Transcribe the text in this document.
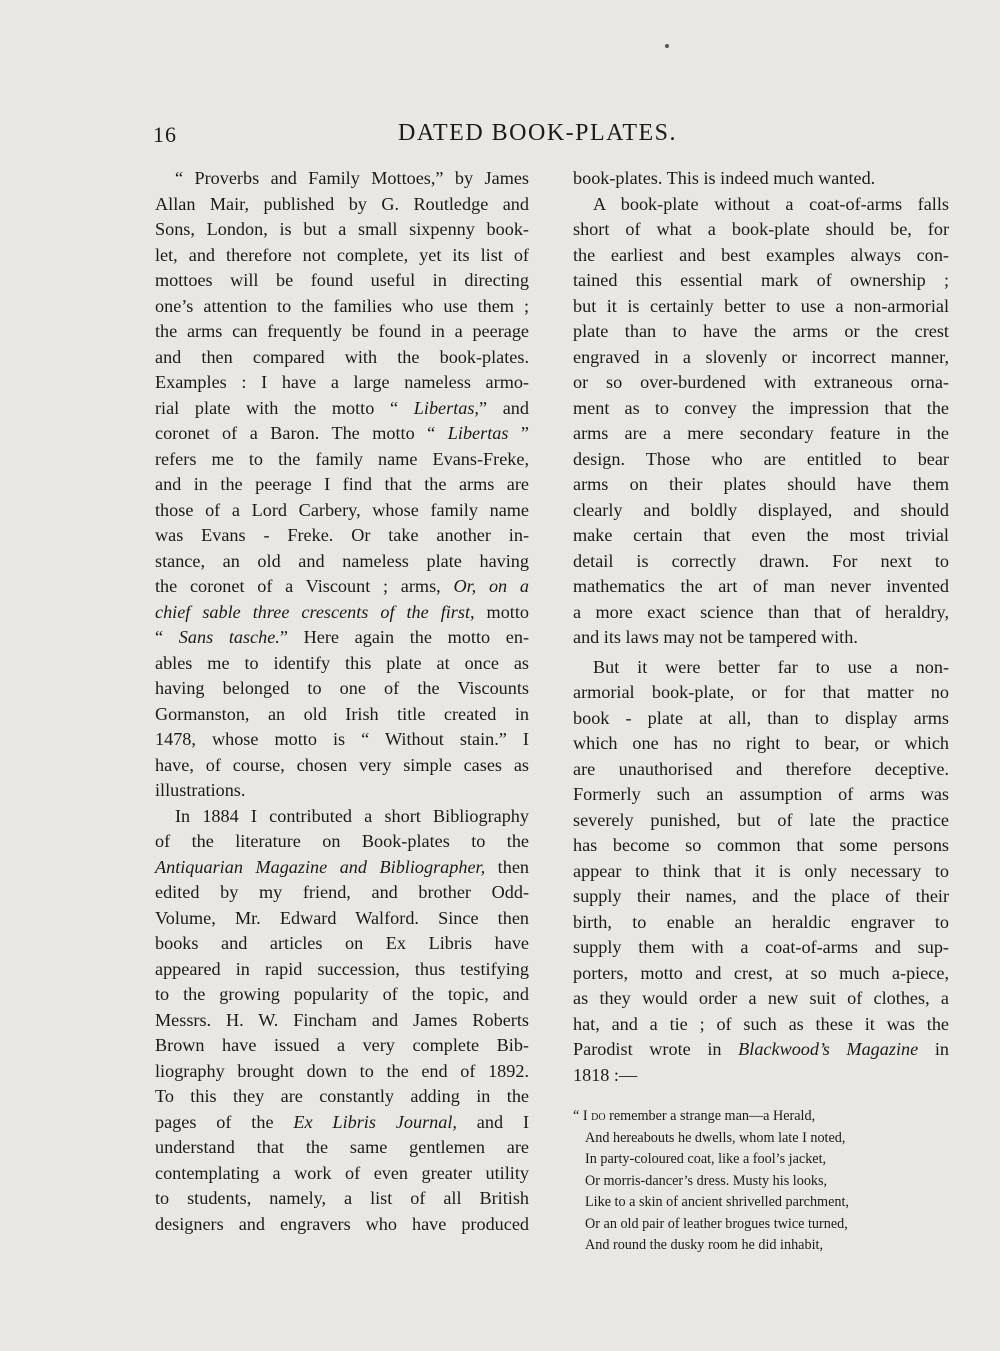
16	DATED BOOK-PLATES.

“ Proverbs and Family Mottoes,” by James
Allan Mair, published by G. Routledge and
Sons, London, is but a small sixpenny book-
let, and therefore not complete, yet its list of
mottoes will be found useful in directing
one’s attention to the families who use them ;
the arms can frequently be found in a peerage
and then compared with the book-plates.
Examples : I have a large nameless armo-
rial plate with the motto “ Libertas,” and
coronet of a Baron. The motto “ Libertas ”
refers me to the family name Evans-Freke,
and in the peerage I find that the arms are
those of a Lord Carbery, whose family name
was Evans - Freke. Or take another in-
stance, an old and nameless plate having
the coronet of a Viscount ; arms, Or, on a
chief sable three crescents of the first, motto
“ Sans tasche.” Here again the motto en-
ables me to identify this plate at once as
having belonged to one of the Viscounts
Gormanston, an old Irish title created in
1478, whose motto is “ Without stain.” I
have, of course, chosen very simple cases as
illustrations.

In 1884 I contributed a short Bibliography
of the literature on Book-plates to the
Antiquarian Magazine and Bibliographer, then
edited by my friend, and brother Odd-
Volume, Mr. Edward Walford. Since then
books and articles on Ex Libris have
appeared in rapid succession, thus testifying
to the growing popularity of the topic, and
Messrs. H. W. Fincham and James Roberts
Brown have issued a very complete Bib-
liography brought down to the end of 1892.
To this they are constantly adding in the
pages of the Ex Libris Journal, and I
understand that the same gentlemen are
contemplating a work of even greater utility
to students, namely, a list of all British
designers and engravers who have produced

book-plates. This is indeed much wanted.

A book-plate without a coat-of-arms falls
short of what a book-plate should be, for
the earliest and best examples always con-
tained this essential mark of ownership ;
but it is certainly better to use a non-armorial
plate than to have the arms or the crest
engraved in a slovenly or incorrect manner,
or so over-burdened with extraneous orna-
ment as to convey the impression that the
arms are a mere secondary feature in the
design. Those who are entitled to bear
arms on their plates should have them
clearly and boldly displayed, and should
make certain that even the most trivial
detail is correctly drawn. For next to
mathematics the art of man never invented
a more exact science than that of heraldry,
and its laws may not be tampered with.

But it were better far to use a non-
armorial book-plate, or for that matter no
book - plate at all, than to display arms
which one has no right to bear, or which
are unauthorised and therefore deceptive.
Formerly such an assumption of arms was
severely punished, but of late the practice
has become so common that some persons
appear to think that it is only necessary to
supply their names, and the place of their
birth, to enable an heraldic engraver to
supply them with a coat-of-arms and sup-
porters, motto and crest, at so much a-piece,
as they would order a new suit of clothes, a
hat, and a tie ; of such as these it was the
Parodist wrote in Blackwood’s Magazine in
1818 :—

“ I do remember a strange man—a Herald,
And hereabouts he dwells, whom late I noted,
In party-coloured coat, like a fool’s jacket,
Or morris-dancer’s dress. Musty his looks,
Like to a skin of ancient shrivelled parchment,
Or an old pair of leather brogues twice turned,
And round the dusky room he did inhabit,
